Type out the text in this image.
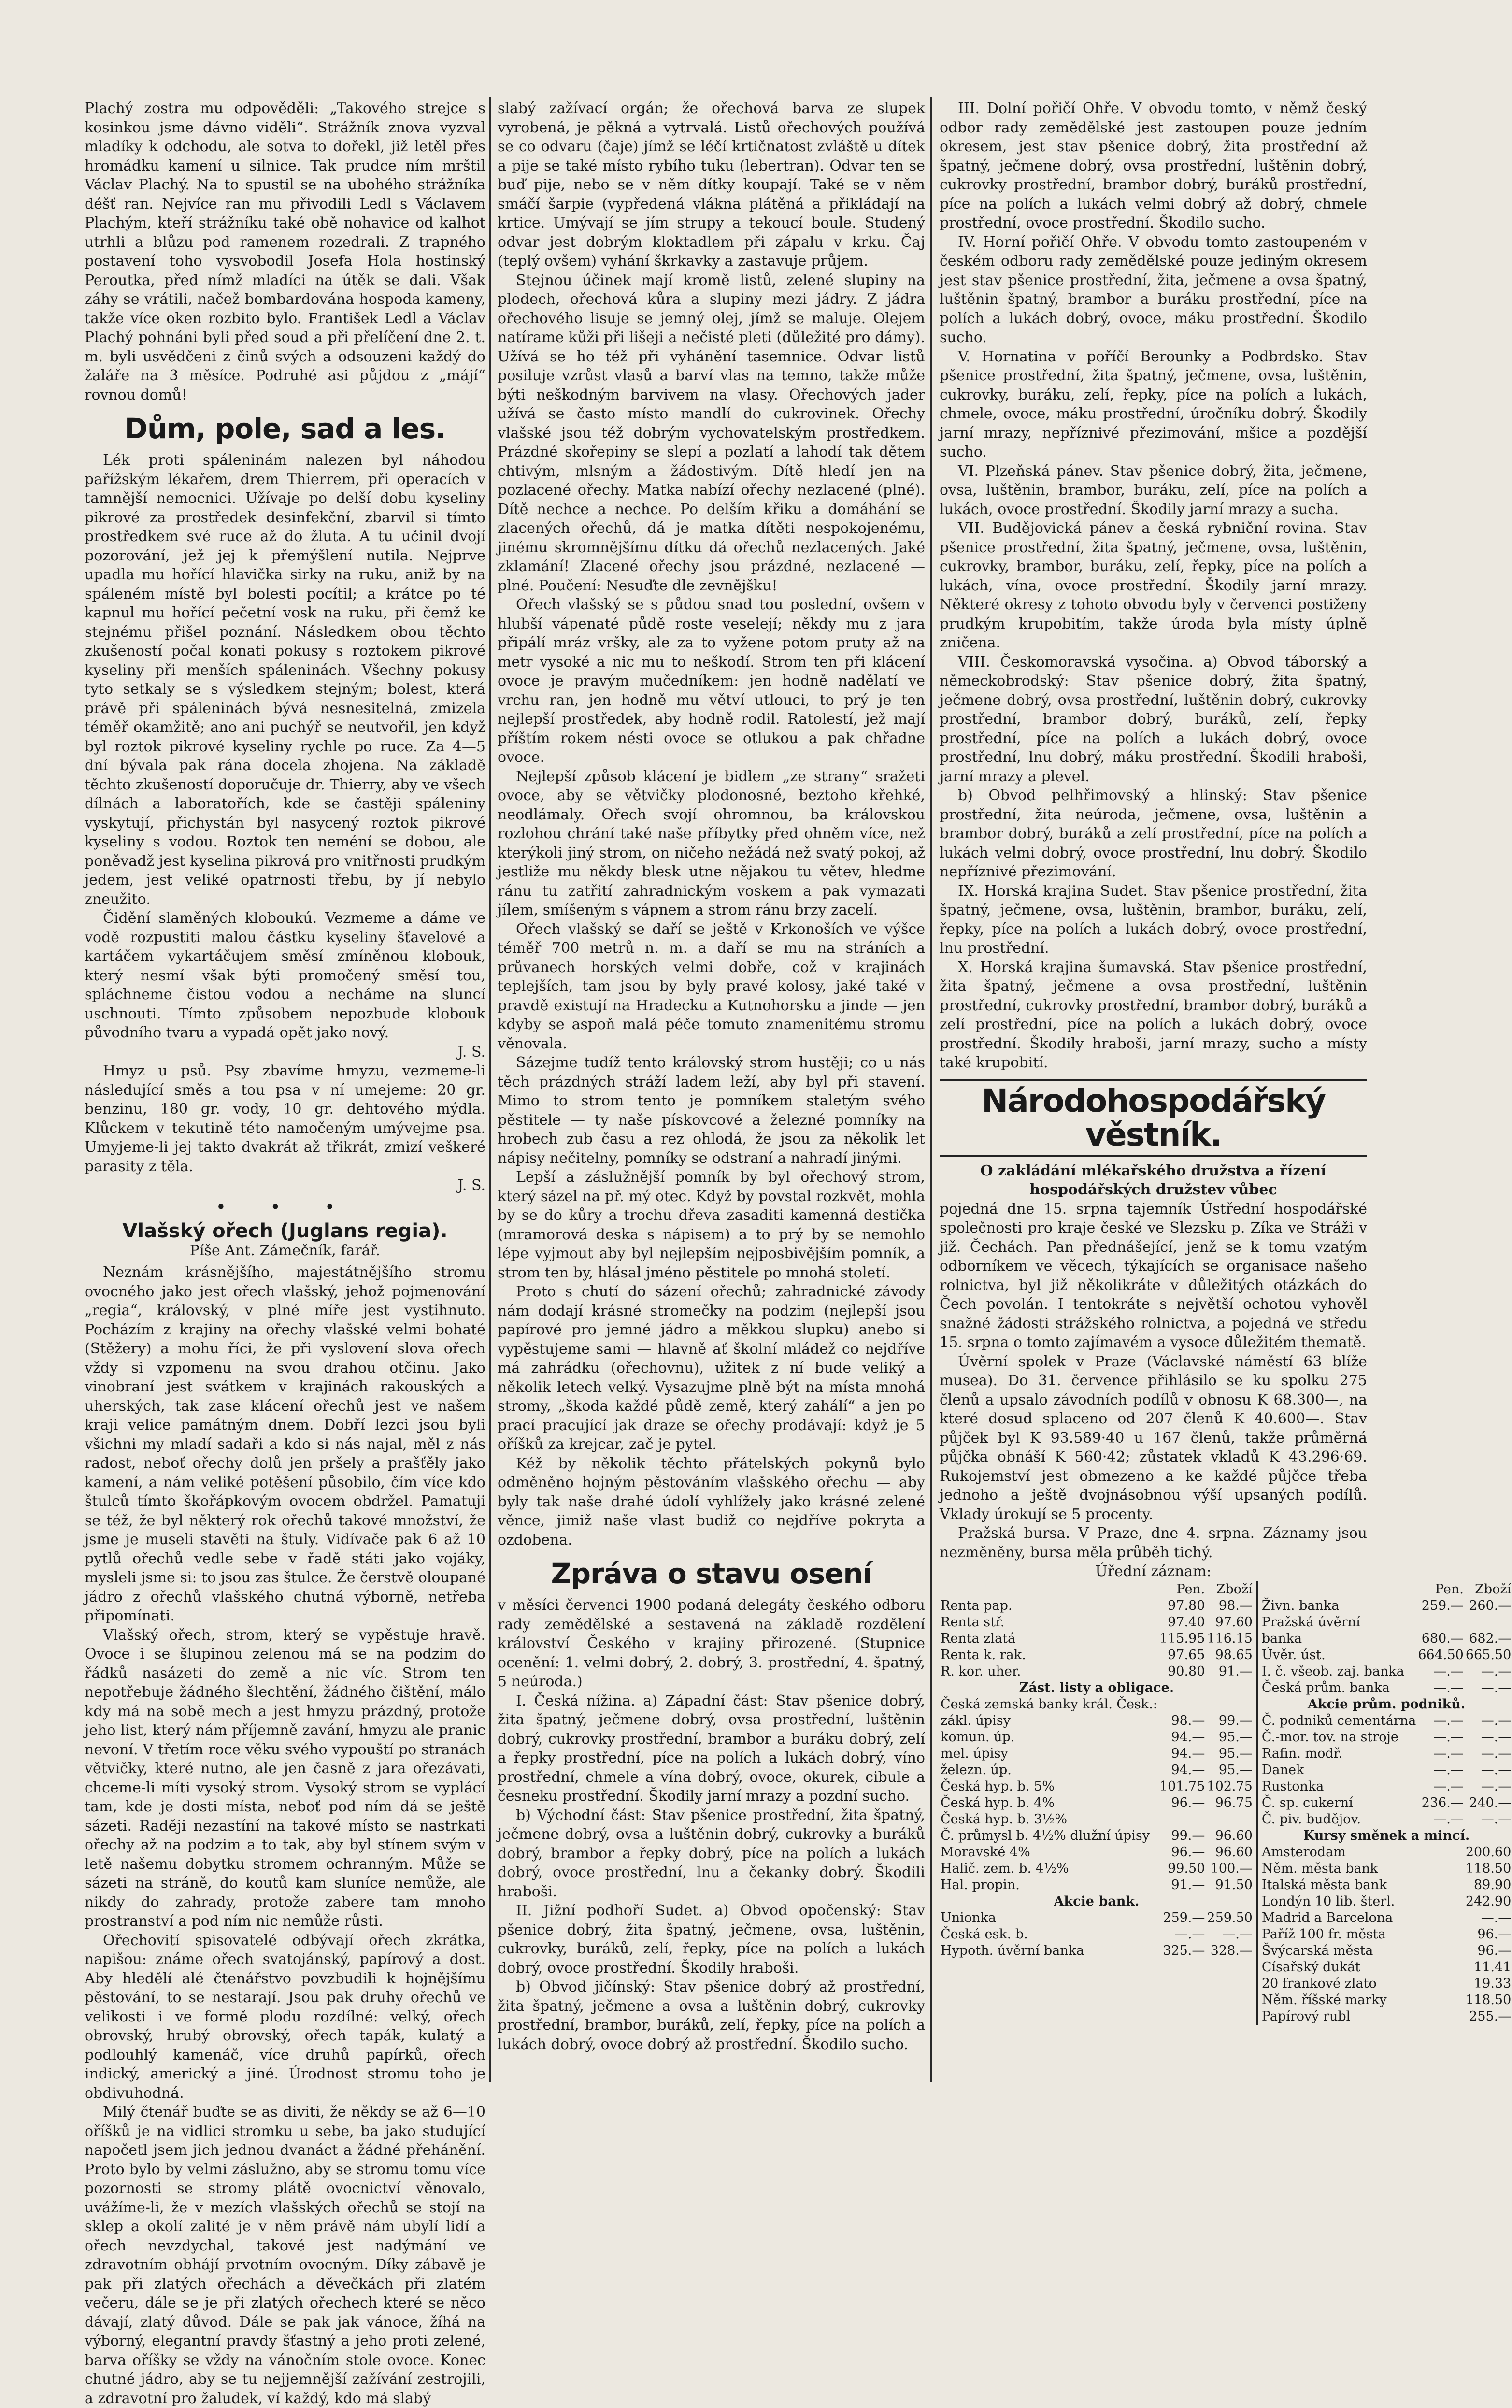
Plachý zostra mu odpověděli: „Takového strejce s kosinkou jsme dávno viděli“. Strážník znova vyzval mladíky k odchodu, ale sotva to dořekl, již letěl přes hromádku kamení u silnice. Tak prudce ním mrštil Václav Plachý. Na to spustil se na ubohého strážníka déšť ran. Nejvíce ran mu přivodili Ledl s Václavem Plachým, kteří strážníku také obě nohavice od kalhot utrhli a blůzu pod ramenem rozedrali. Z trapného postavení toho vysvobodil Josefa Hola hostinský Peroutka, před nímž mladíci na útěk se dali. Však záhy se vrátili, načež bombardována hospoda kameny, takže více oken rozbito bylo. František Ledl a Václav Plachý pohnáni byli před soud a při přelíčení dne 2. t. m. byli usvědčeni z činů svých a odsouzeni každý do žaláře na 3 měsíce. Podruhé asi půjdou z „májí“ rovnou domů!

Dům, pole, sad a les.

Lék proti spáleninám nalezen byl náhodou pařížským lékařem, drem Thierrem, při operacích v tamnější nemocnici. Užívaje po delší dobu kyseliny pikrové za prostředek desinfekční, zbarvil si tímto prostředkem své ruce až do žluta. A tu učinil dvojí pozorování, jež jej k přemýšlení nutila. Nejprve upadla mu hořící hlavička sirky na ruku, aniž by na spáleném místě byl bolesti pocítil; a krátce po té kapnul mu hořící pečetní vosk na ruku, při čemž ke stejnému přišel poznání. Následkem obou těchto zkušeností počal konati pokusy s roztokem pikrové kyseliny při menších spáleninách. Všechny pokusy tyto setkaly se s výsledkem stejným; bolest, která právě při spáleninách bývá nesnesitelná, zmizela téměř okamžitě; ano ani puchýř se neutvořil, jen když byl roztok pikrové kyseliny rychle po ruce. Za 4—5 dní bývala pak rána docela zhojena. Na základě těchto zkušeností doporučuje dr. Thierry, aby ve všech dílnách a laboratořích, kde se častěji spáleniny vyskytují, přichystán byl nasycený roztok pikrové kyseliny s vodou. Roztok ten neméní se dobou, ale poněvadž jest kyselina pikrová pro vnitřnosti prudkým jedem, jest veliké opatrnosti třebu, by jí nebylo zneužito.

Čidění slaměných kloboukú. Vezmeme a dáme ve vodě rozpustiti malou částku kyseliny šťavelové a kartáčem vykartáčujem směsí zmíněnou klobouk, který nesmí však býti promočený směsí tou, spláchneme čistou vodou a necháme na sluncí uschnouti. Tímto způsobem nepozbude klobouk původního tvaru a vypadá opět jako nový.

J. S.

Hmyz u psů. Psy zbavíme hmyzu, vezmeme-li následující směs a tou psa v ní umejeme: 20 gr. benzinu, 180 gr. vody, 10 gr. dehtového mýdla. Klůckem v tekutině této namočeným umývejme psa. Umyjeme-li jej takto dvakrát až třikrát, zmizí veškeré parasity z těla.

J. S.

• • •
Vlašský ořech (Juglans regia).

Píše Ant. Zámečník, farář.

Neznám krásnějšího, majestátnějšího stromu ovocného jako jest ořech vlašský, jehož pojmenování „regia“, královský, v plné míře jest vystihnuto. Pocházím z krajiny na ořechy vlašské velmi bohaté (Stěžery) a mohu říci, že při vyslovení slova ořech vždy si vzpomenu na svou drahou otčinu. Jako vinobraní jest svátkem v krajinách rakouských a uherských, tak zase klácení ořechů jest ve našem kraji velice památným dnem. Dobří lezci jsou byli všichni my mladí sadaři a kdo si nás najal, měl z nás radost, neboť ořechy dolů jen pršely a prašťěly jako kamení, a nám veliké potěšení působilo, čím více kdo štulců tímto škořápkovým ovocem obdržel. Pamatuji se též, že byl některý rok ořechů takové množství, že jsme je museli stavěti na štuly. Vidívače pak 6 až 10 pytlů ořechů vedle sebe v řadě státi jako vojáky, mysleli jsme si: to jsou zas štulce. Že čerstvě oloupané jádro z ořechů vlašského chutná výborně, netřeba připomínati.

Vlašský ořech, strom, který se vypěstuje hravě. Ovoce i se šlupinou zelenou má se na podzim do řádků nasázeti do země a nic víc. Strom ten nepotřebuje žádného šlechtění, žádného čištění, málo kdy má na sobě mech a jest hmyzu prázdný, protože jeho list, který nám příjemně zavání, hmyzu ale pranic nevoní. V třetím roce věku svého vypouští po stranách větvičky, které nutno, ale jen časně z jara ořezávati, chceme-li míti vysoký strom. Vysoký strom se vyplácí tam, kde je dosti místa, neboť pod ním dá se ještě sázeti. Raději nezastíní na takové místo se nastrkati ořechy až na podzim a to tak, aby byl stínem svým v letě našemu dobytku stromem ochranným. Může se sázeti na stráně, do koutů kam sluníce nemůže, ale nikdy do zahrady, protože zabere tam mnoho prostranství a pod ním nic nemůže růsti.

Ořechovití spisovatelé odbývají ořech zkrátka, napišou: známe ořech svatojánský, papírový a dost. Aby hledělí alé čtenářstvo povzbudili k hojnějšímu pěstování, to se nestarají. Jsou pak druhy ořechů ve velikosti i ve formě plodu rozdílné: velký, ořech obrovský, hrubý obrovský, ořech tapák, kulatý a podlouhlý kamenáč, více druhů papírků, ořech indický, americký a jiné. Úrodnost stromu toho je obdivuhodná.

Milý čtenář buďte se as diviti, že někdy se až 6—10 oříšků je na vidlici stromku u sebe, ba jako studující napočetl jsem jich jednou dvanáct a žádné přehánění. Proto bylo by velmi záslužno, aby se stromu tomu více pozornosti se stromy plátě ovocnictví věnovalo, uvážíme-li, že v mezích vlašských ořechů se stojí na sklep a okolí zalité je v něm právě nám ubylí lidí a ořech nevzdychal, takové jest nadýmání ve zdravotním obhájí prvotním ovocným. Díky zábavě je pak při zlatých ořechách a děvečkách při zlatém večeru, dále se je při zlatých ořechech které se něco dávají, zlatý důvod. Dále se pak jak vánoce, žíhá na výborný, elegantní pravdy šťastný a jeho proti zelené, barva oříšky se vždy na vánočním stole ovoce. Konec chutné jádro, aby se tu nejjemnější zažívání zestrojili, a zdravotní pro žaludek, ví každý, kdo má slabý

slabý zažívací orgán; že ořechová barva ze slupek vyrobená, je pěkná a vytrvalá. Listů ořechových používá se co odvaru (čaje) jímž se léčí krtičnatost zvláště u dítek a pije se také místo rybího tuku (lebertran). Odvar ten se buď pije, nebo se v něm dítky koupají. Také se v něm smáčí šarpie (vypředená vlákna plátěná a přikládají na krtice. Umývají se jím strupy a tekoucí boule. Studený odvar jest dobrým kloktadlem při zápalu v krku. Čaj (teplý ovšem) vyhání škrkavky a zastavuje průjem.

Stejnou účinek mají kromě listů, zelené slupiny na plodech, ořechová kůra a slupiny mezi jádry. Z jádra ořechového lisuje se jemný olej, jímž se maluje. Olejem natírame kůži při lišeji a nečisté pleti (důležité pro dámy). Užívá se ho též při vyhánění tasemnice. Odvar listů posiluje vzrůst vlasů a barví vlas na temno, takže může býti neškodným barvivem na vlasy. Ořechových jader užívá se často místo mandlí do cukrovinek. Ořechy vlašské jsou též dobrým vychovatelským prostředkem. Prázdné skořepiny se slepí a pozlatí a lahodí tak dětem chtivým, mlsným a žádostivým. Dítě hledí jen na pozlacené ořechy. Matka nabízí ořechy nezlacené (plné). Dítě nechce a nechce. Po delším křiku a domáhání se zlacených ořechů, dá je matka dítěti nespokojenému, jinému skromnějšímu dítku dá ořechů nezlacených. Jaké zklamání! Zlacené ořechy jsou prázdné, nezlacené — plné. Poučení: Nesuďte dle zevnějšku!

Ořech vlašský se s půdou snad tou poslední, ovšem v hlubší vápenaté půdě roste veselejí; někdy mu z jara připálí mráz vršky, ale za to vyžene potom pruty až na metr vysoké a nic mu to neškodí. Strom ten při klácení ovoce je pravým mučedníkem: jen hodně nadělatí ve vrchu ran, jen hodně mu větví utlouci, to prý je ten nejlepší prostředek, aby hodně rodil. Ratolestí, jež mají příštím rokem nésti ovoce se otlukou a pak chřadne ovoce.

Nejlepší způsob klácení je bidlem „ze strany“ sražeti ovoce, aby se větvičky plodonosné, beztoho křehké, neodlámaly. Ořech svojí ohromnou, ba královskou rozlohou chrání také naše příbytky před ohněm více, než kterýkoli jiný strom, on ničeho nežádá než svatý pokoj, až jestliže mu někdy blesk utne nějakou tu větev, hledme ránu tu zatřití zahradnickým voskem a pak vymazati jílem, smíšeným s vápnem a strom ránu brzy zacelí.

Ořech vlašský se daří se ještě v Krkonoších ve výšce téměř 700 metrů n. m. a daří se mu na stráních a průvanech horských velmi dobře, což v krajinách teplejších, tam jsou by byly pravé kolosy, jaké také v pravdě existují na Hradecku a Kutnohorsku a jinde — jen kdyby se aspoň malá péče tomuto znamenitému stromu věnovala.

Sázejme tudíž tento královský strom hustěji; co u nás těch prázdných stráží ladem leží, aby byl při stavení. Mimo to strom tento je pomníkem staletým svého pěstitele — ty naše pískovcové a železné pomníky na hrobech zub času a rez ohlodá, že jsou za několik let nápisy nečitelny, pomníky se odstraní a nahradí jinými.

Lepší a záslužnější pomník by byl ořechový strom, který sázel na př. mý otec. Když by povstal rozkvět, mohla by se do kůry a trochu dřeva zasaditi kamenná destička (mramorová deska s nápisem) a to prý by se nemohlo lépe vyjmout aby byl nejlepším nejposbivějším pomník, a strom ten by, hlásal jméno pěstitele po mnohá století.

Proto s chutí do sázení ořechů; zahradnické závody nám dodají krásné stromečky na podzim (nejlepší jsou papírové pro jemné jádro a měkkou slupku) anebo si vypěstujeme sami — hlavně ať školní mládež co nejdříve má zahrádku (ořechovnu), užitek z ní bude veliký a několik letech velký. Vysazujme plně být na místa mnohá stromy, „škoda každé půdě země, který zahálí“ a jen po prací pracující jak draze se ořechy prodávají: když je 5 oříšků za krejcar, zač je pytel.

Kéž by několik těchto přátelských pokynů bylo odměněno hojným pěstováním vlašského ořechu — aby byly tak naše drahé údolí vyhlížely jako krásné zelené věnce, jimiž naše vlast budiž co nejdříve pokryta a ozdobena.

Zpráva o stavu osení

v měsíci červenci 1900 podaná delegáty českého odboru rady zemědělské a sestavená na základě rozdělení království Českého v krajiny přirozené. (Stupnice ocenění: 1. velmi dobrý, 2. dobrý, 3. prostřední, 4. špatný, 5 neúroda.)

I. Česká nížina. a) Západní část: Stav pšenice dobrý, žita špatný, ječmene dobrý, ovsa prostřední, luštěnin dobrý, cukrovky prostřední, brambor a buráku dobrý, zelí a řepky prostřední, píce na polích a lukách dobrý, víno prostřední, chmele a vína dobrý, ovoce, okurek, cibule a česneku prostřední. Škodily jarní mrazy a pozdní sucho.

b) Východní část: Stav pšenice prostřední, žita špatný, ječmene dobrý, ovsa a luštěnin dobrý, cukrovky a buráků dobrý, brambor a řepky dobrý, píce na polích a lukách dobrý, ovoce prostřední, lnu a čekanky dobrý. Škodili hraboši.

II. Jižní podhoří Sudet. a) Obvod opočenský: Stav pšenice dobrý, žita špatný, ječmene, ovsa, luštěnin, cukrovky, buráků, zelí, řepky, píce na polích a lukách dobrý, ovoce prostřední. Škodily hraboši.

b) Obvod jičínský: Stav pšenice dobrý až prostřední, žita špatný, ječmene a ovsa a luštěnin dobrý, cukrovky prostřední, brambor, buráků, zelí, řepky, píce na polích a lukách dobrý, ovoce dobrý až prostřední. Škodilo sucho.

III. Dolní pořičí Ohře. V obvodu tomto, v němž český odbor rady zemědělské jest zastoupen pouze jedním okresem, jest stav pšenice dobrý, žita prostřední až špatný, ječmene dobrý, ovsa prostřední, luštěnin dobrý, cukrovky prostřední, brambor dobrý, buráků prostřední, píce na polích a lukách velmi dobrý až dobrý, chmele prostřední, ovoce prostřední. Škodilo sucho.

IV. Horní pořičí Ohře. V obvodu tomto zastoupeném v českém odboru rady zemědělské pouze jediným okresem jest stav pšenice prostřední, žita, ječmene a ovsa špatný, luštěnin špatný, brambor a buráku prostřední, píce na polích a lukách dobrý, ovoce, máku prostřední. Škodilo sucho.

V. Hornatina v poříčí Berounky a Podbrdsko. Stav pšenice prostřední, žita špatný, ječmene, ovsa, luštěnin, cukrovky, buráku, zelí, řepky, píce na polích a lukách, chmele, ovoce, máku prostřední, úročníku dobrý. Škodily jarní mrazy, nepříznivé přezimování, mšice a pozdější sucho.

VI. Plzeňská pánev. Stav pšenice dobrý, žita, ječmene, ovsa, luštěnin, brambor, buráku, zelí, píce na polích a lukách, ovoce prostřední. Škodily jarní mrazy a sucha.

VII. Budějovická pánev a česká rybniční rovina. Stav pšenice prostřední, žita špatný, ječmene, ovsa, luštěnin, cukrovky, brambor, buráku, zelí, řepky, píce na polích a lukách, vína, ovoce prostřední. Škodily jarní mrazy. Některé okresy z tohoto obvodu byly v červenci postiženy prudkým krupobitím, takže úroda byla místy úplně zničena.

VIII. Českomoravská vysočina. a) Obvod táborský a německobrodský: Stav pšenice dobrý, žita špatný, ječmene dobrý, ovsa prostřední, luštěnin dobrý, cukrovky prostřední, brambor dobrý, buráků, zelí, řepky prostřední, píce na polích a lukách dobrý, ovoce prostřední, lnu dobrý, máku prostřední. Škodili hraboši, jarní mrazy a plevel.

b) Obvod pelhřimovský a hlinský: Stav pšenice prostřední, žita neúroda, ječmene, ovsa, luštěnin a brambor dobrý, buráků a zelí prostřední, píce na polích a lukách velmi dobrý, ovoce prostřední, lnu dobrý. Škodilo nepříznivé přezimování.

IX. Horská krajina Sudet. Stav pšenice prostřední, žita špatný, ječmene, ovsa, luštěnin, brambor, buráku, zelí, řepky, píce na polích a lukách dobrý, ovoce prostřední, lnu prostřední.

X. Horská krajina šumavská. Stav pšenice prostřední, žita špatný, ječmene a ovsa prostřední, luštěnin prostřední, cukrovky prostřední, brambor dobrý, buráků a zelí prostřední, píce na polích a lukách dobrý, ovoce prostřední. Škodily hraboši, jarní mrazy, sucho a místy také krupobití.

Národohospodářský věstník.

O zakládání mlékařského družstva a řízení hospodářských družstev vůbec

pojedná dne 15. srpna tajemník Ústřední hospodářské společnosti pro kraje české ve Slezsku p. Zíka ve Stráži v již. Čechách. Pan přednášející, jenž se k tomu vzatým odborníkem ve věcech, týkajících se organisace našeho rolnictva, byl již několikráte v důležitých otázkách do Čech povolán. I tentokráte s největší ochotou vyhověl snažné žádosti strážského rolnictva, a pojedná ve středu 15. srpna o tomto zajímavém a vysoce důležitém thematě.

Úvěrní spolek v Praze (Václavské náměstí 63 blíže musea). Do 31. července přihlásilo se ku spolku 275 členů a upsalo závodních podílů v obnosu K 68.300—, na které dosud splaceno od 207 členů K 40.600—. Stav půjček byl K 93.589·40 u 167 členů, takže průměrná půjčka obnáší K 560·42; zůstatek vkladů K 43.296·69. Rukojemství jest obmezeno a ke každé půjčce třeba jednoho a ještě dvojnásobnou výší upsaných podílů. Vklady úrokují se 5 procenty.

Pražská bursa. V Praze, dne 4. srpna. Záznamy jsou nezměněny, bursa měla průběh tichý.

Úřední záznam:

	Pen.	Zboží
Renta pap.	97.80	98.—
Renta stř.	97.40	97.60
Renta zlatá	115.95	116.15
Renta k. rak.	97.65	98.65
R. kor. uher.	90.80	91.—
Zást. listy a obligace.		
Česká zemská banky král. Česk.:		
zákl. úpisy	98.—	99.—
komun. úp.	94.—	95.—
mel. úpisy	94.—	95.—
železn. úp.	94.—	95.—
Česká hyp. b. 5%	101.75	102.75
Česká hyp. b. 4%	96.—	96.75
Česká hyp. b. 3½%		
Č. průmysl b. 4½% dlužní úpisy	99.—	96.60
Moravské 4%	96.—	96.60
Halič. zem. b. 4½%	99.50	100.—
Hal. propin.	91.—	91.50
Akcie bank.		
Unionka	259.—	259.50
Česká esk. b.	—.—	—.—
Hypoth. úvěrní banka	325.—	328.—
	Pen.	Zboží
Živn. banka	259.—	260.—
Pražská úvěrní		
banka	680.—	682.—
Úvěr. úst.	664.50	665.50
I. č. všeob. zaj. banka	—.—	—.—
Česká prům. banka	—.—	—.—
Akcie prům. podniků.		
Č. podniků cementárna	—.—	—.—
Č.-mor. tov. na stroje	—.—	—.—
Rafin. modř.	—.—	—.—
Danek	—.—	—.—
Rustonka	—.—	—.—
Č. sp. cukerní	236.—	240.—
Č. piv. budějov.	—.—	—.—
Kursy směnek a mincí.		
Amsterodam		200.60
Něm. města bank		118.50
Italská města bank		89.90
Londýn 10 lib. šterl.		242.90
Madrid a Barcelona		—.—
Paříž 100 fr. města		96.—
Švýcarská města		96.—
Císařský dukát		11.41
20 frankové zlato		19.33
Něm. říšské marky		118.50
Papírový rubl		255.—
